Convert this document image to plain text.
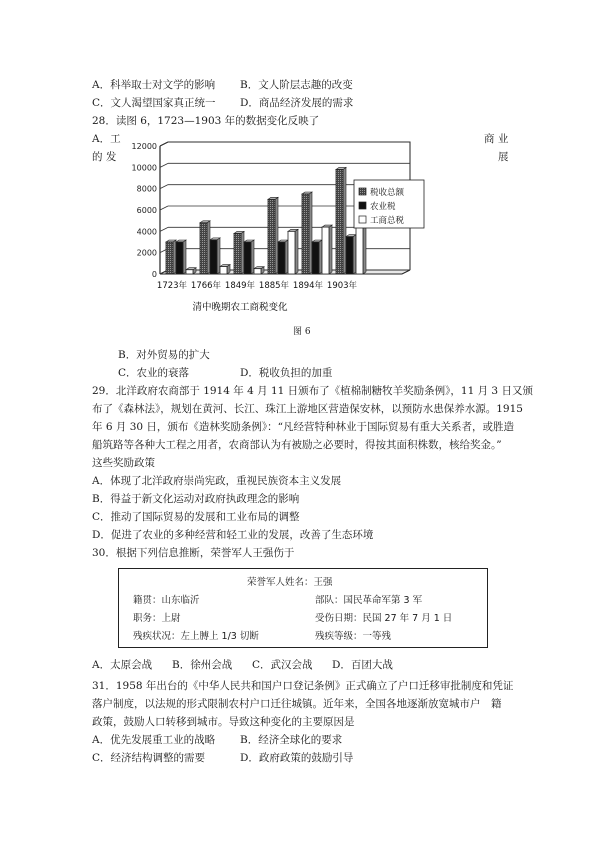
A．科举取士对文学的影响 B．文人阶层志趣的改变
C．文人渴望国家真正统一 D．商品经济发展的需求
28．读图 6，1723—1903 年的数据变化反映了
A．工	商 业
的 发	展
0
2000
4000
6000
8000
10000
12000
1723年 1766年 1849年 1885年 1894年 1903年
税收总额
农业税
工商总税
清中晚期农工商税变化
图 6
B．对外贸易的扩大
C．农业的衰落	D．税收负担的加重
29．北洋政府农商部于 1914 年 4 月 11 日颁布了《植棉制糖牧羊奖励条例》，11 月 3 日又颁
布了《森林法》，规划在黄河、长江、珠江上游地区营造保安林，以预防水患保养水源。1915
年 6 月 30 日，颁布《造林奖励条例》：“凡经营特种林业于国际贸易有重大关系者，或胜造
船筑路等各种大工程之用者，农商部认为有被励之必要时，得按其面积株数，核给奖金。”
这些奖励政策
A．体现了北洋政府崇尚宪政，重视民族资本主义发展
B．得益于新文化运动对政府执政理念的影响
C．推动了国际贸易的发展和工业布局的调整
D．促进了农业的多种经营和轻工业的发展，改善了生态环境
30．根据下列信息推断，荣誉军人王强伤于
荣誉军人姓名：王强
籍贯：山东临沂	部队：国民革命军第 3 军
职务：上尉	受伤日期：民国 27 年 7 月 1 日
残疾状况：左上膊上 1/3 切断	残疾等级：一等残
A．太原会战 B．徐州会战 C．武汉会战 D．百团大战
31．1958 年出台的《中华人民共和国户口登记条例》正式确立了户口迁移审批制度和凭证
落户制度，以法规的形式限制农村户口迁往城镇。近年来，全国各地逐渐放宽城市户　籍
政策，鼓励人口转移到城市。导致这种变化的主要原因是
A．优先发展重工业的战略 B．经济全球化的要求
C．经济结构调整的需要	D．政府政策的鼓励引导
